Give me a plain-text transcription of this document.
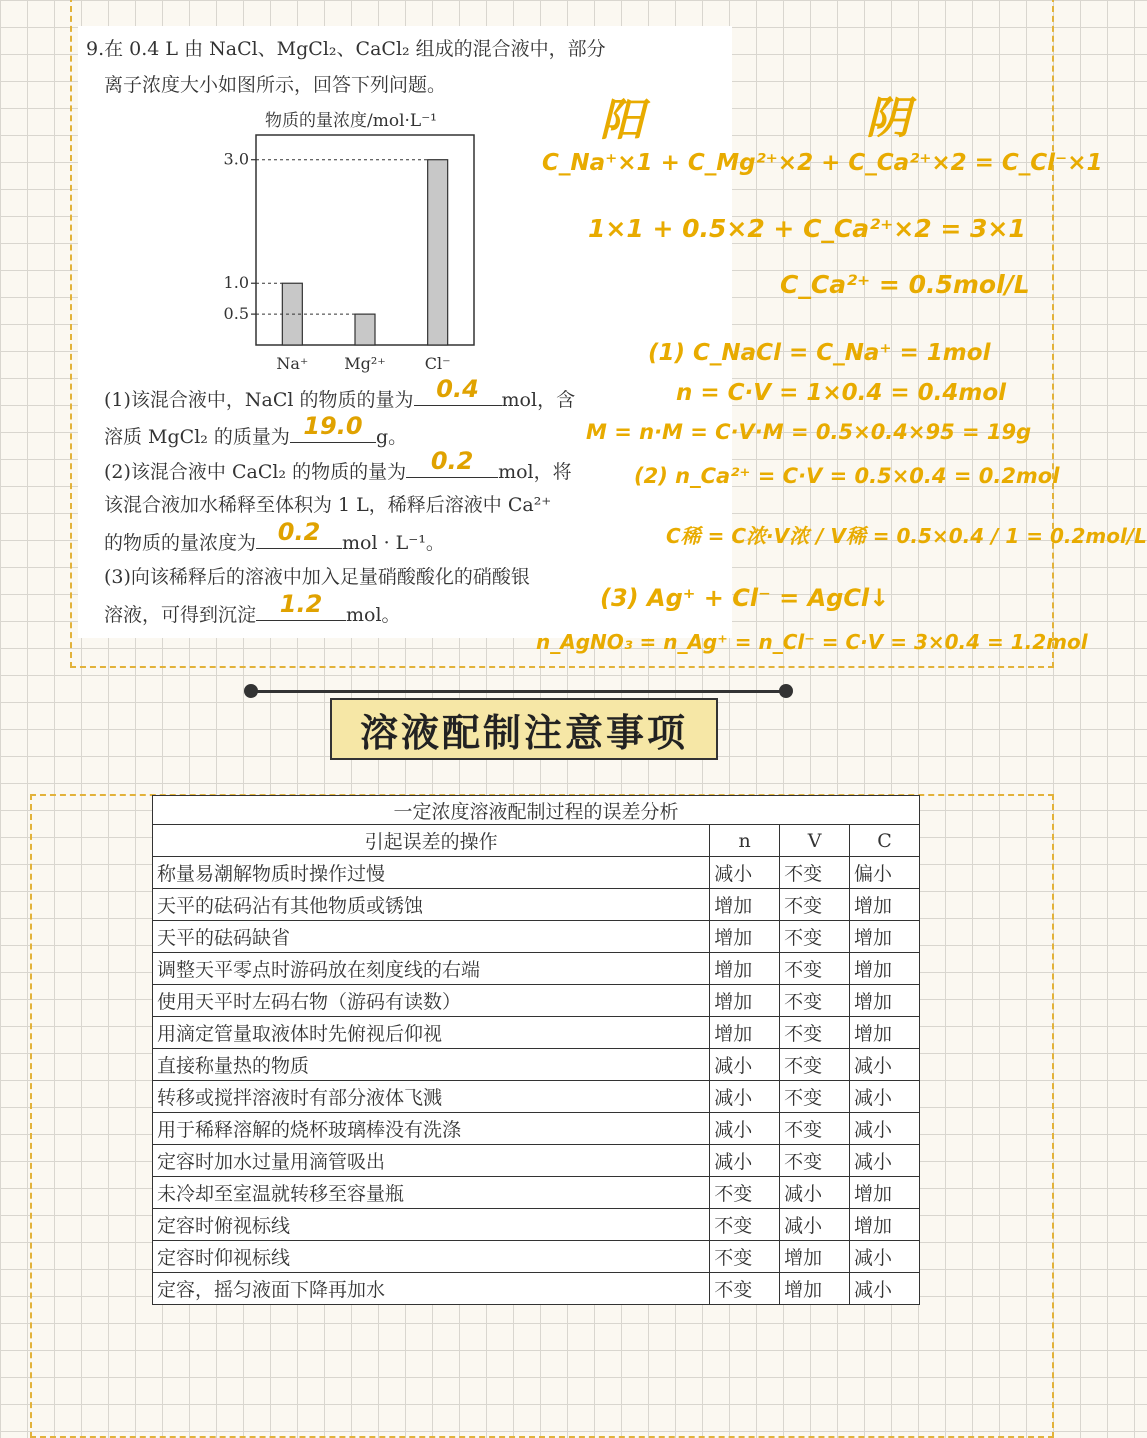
9.在 0.4 L 由 NaCl、MgCl₂、CaCl₂ 组成的混合液中，部分
离子浓度大小如图所示，回答下列问题。
物质的量浓度/mol·L⁻¹
Na⁺ Mg²⁺ Cl⁻
0.5
1.0
3.0
(1)该混合液中，NaCl 的物质的量为 0.4	mol，含
溶质 MgCl₂ 的质量为 19.0 g。
(2)该混合液中 CaCl₂ 的物质的量为	0.2	mol，将
该混合液加水稀释至体积为 1 L，稀释后溶液中 Ca²⁺
的物质的量浓度为 0.2	mol · L⁻¹。
(3)向该稀释后的溶液中加入足量硝酸酸化的硝酸银
溶液，可得到沉淀 1.2	mol。
阳	阴
C_Na⁺×1 + C_Mg²⁺×2 + C_Ca²⁺×2 = C_Cl⁻×1
1×1 + 0.5×2 + C_Ca²⁺×2 = 3×1
C_Ca²⁺ = 0.5mol/L
(1) C_NaCl = C_Na⁺ = 1mol
n = C·V = 1×0.4 = 0.4mol
M = n·M = C·V·M = 0.5×0.4×95 = 19g
(2) n_Ca²⁺ = C·V = 0.5×0.4 = 0.2mol
C稀 = C浓·V浓 / V稀 = 0.5×0.4 / 1 = 0.2mol/L
(3) Ag⁺ + Cl⁻ = AgCl↓
n_AgNO₃ = n_Ag⁺ = n_Cl⁻ = C·V = 3×0.4 = 1.2mol
溶液配制注意事项
一定浓度溶液配制过程的误差分析			
引起误差的操作	n	V	C
称量易潮解物质时操作过慢	减小	不变	偏小
天平的砝码沾有其他物质或锈蚀	增加	不变	增加
天平的砝码缺省	增加	不变	增加
调整天平零点时游码放在刻度线的右端	增加	不变	增加
使用天平时左码右物（游码有读数）	增加	不变	增加
用滴定管量取液体时先俯视后仰视	增加	不变	增加
直接称量热的物质	减小	不变	减小
转移或搅拌溶液时有部分液体飞溅	减小	不变	减小
用于稀释溶解的烧杯玻璃棒没有洗涤	减小	不变	减小
定容时加水过量用滴管吸出	减小	不变	减小
未冷却至室温就转移至容量瓶	不变	减小	增加
定容时俯视标线	不变	减小	增加
定容时仰视标线	不变	增加	减小
定容，摇匀液面下降再加水	不变	增加	减小
